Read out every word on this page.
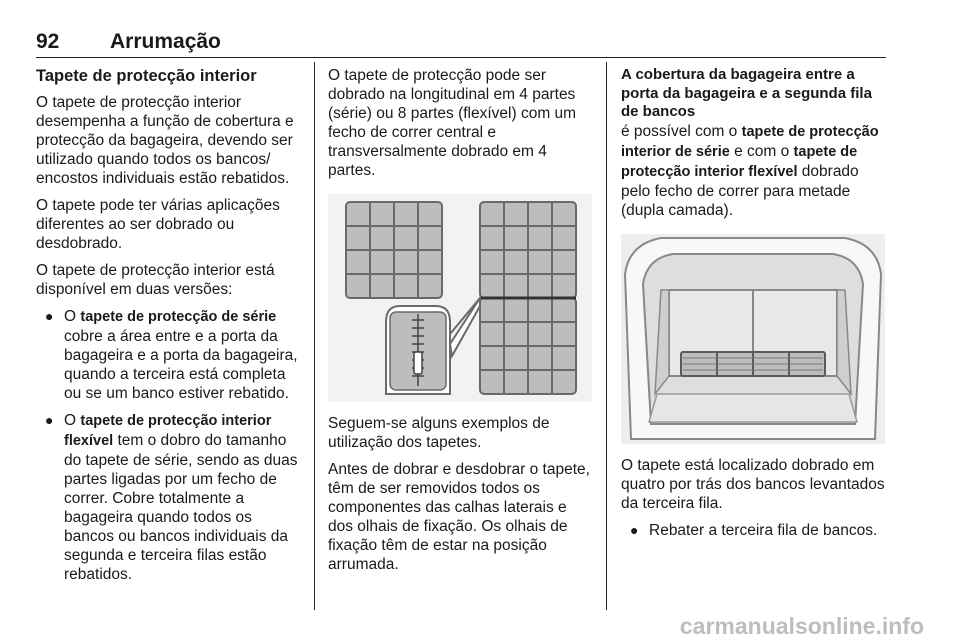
92 Arrumação
Tapete de protecção interior

O tapete de protecção interior desempenha a função de cobertura e protecção da bagageira, devendo ser utilizado quando todos os bancos/ encostos individuais estão rebatidos.

O tapete pode ter várias aplicações diferentes ao ser dobrado ou desdobrado.

O tapete de protecção interior está disponível em duas versões:

● O tapete de protecção de série cobre a área entre e a porta da bagageira e a porta da bagageira, quando a terceira está completa ou se um banco estiver rebatido.
● O tapete de protecção interior flexível tem o dobro do tamanho do tapete de série, sendo as duas partes ligadas por um fecho de correr. Cobre totalmente a bagageira quando todos os bancos ou bancos individuais da segunda e terceira filas estão rebatidos.

O tapete de protecção pode ser dobrado na longitudinal em 4 partes (série) ou 8 partes (flexível) com um fecho de correr central e transversalmente dobrado em 4 partes.

Seguem-se alguns exemplos de utilização dos tapetes.

Antes de dobrar e desdobrar o tapete, têm de ser removidos todos os componentes das calhas laterais e dos olhais de fixação. Os olhais de fixação têm de estar na posição arrumada.

A cobertura da bagageira entre a porta da bagageira e a segunda fila de bancos

é possível com o tapete de protecção interior de série e com o tapete de protecção interior flexível dobrado pelo fecho de correr para metade (dupla camada).

O tapete está localizado dobrado em quatro por trás dos bancos levantados da terceira fila.

● Rebater a terceira fila de bancos.
carmanualsonline.info
